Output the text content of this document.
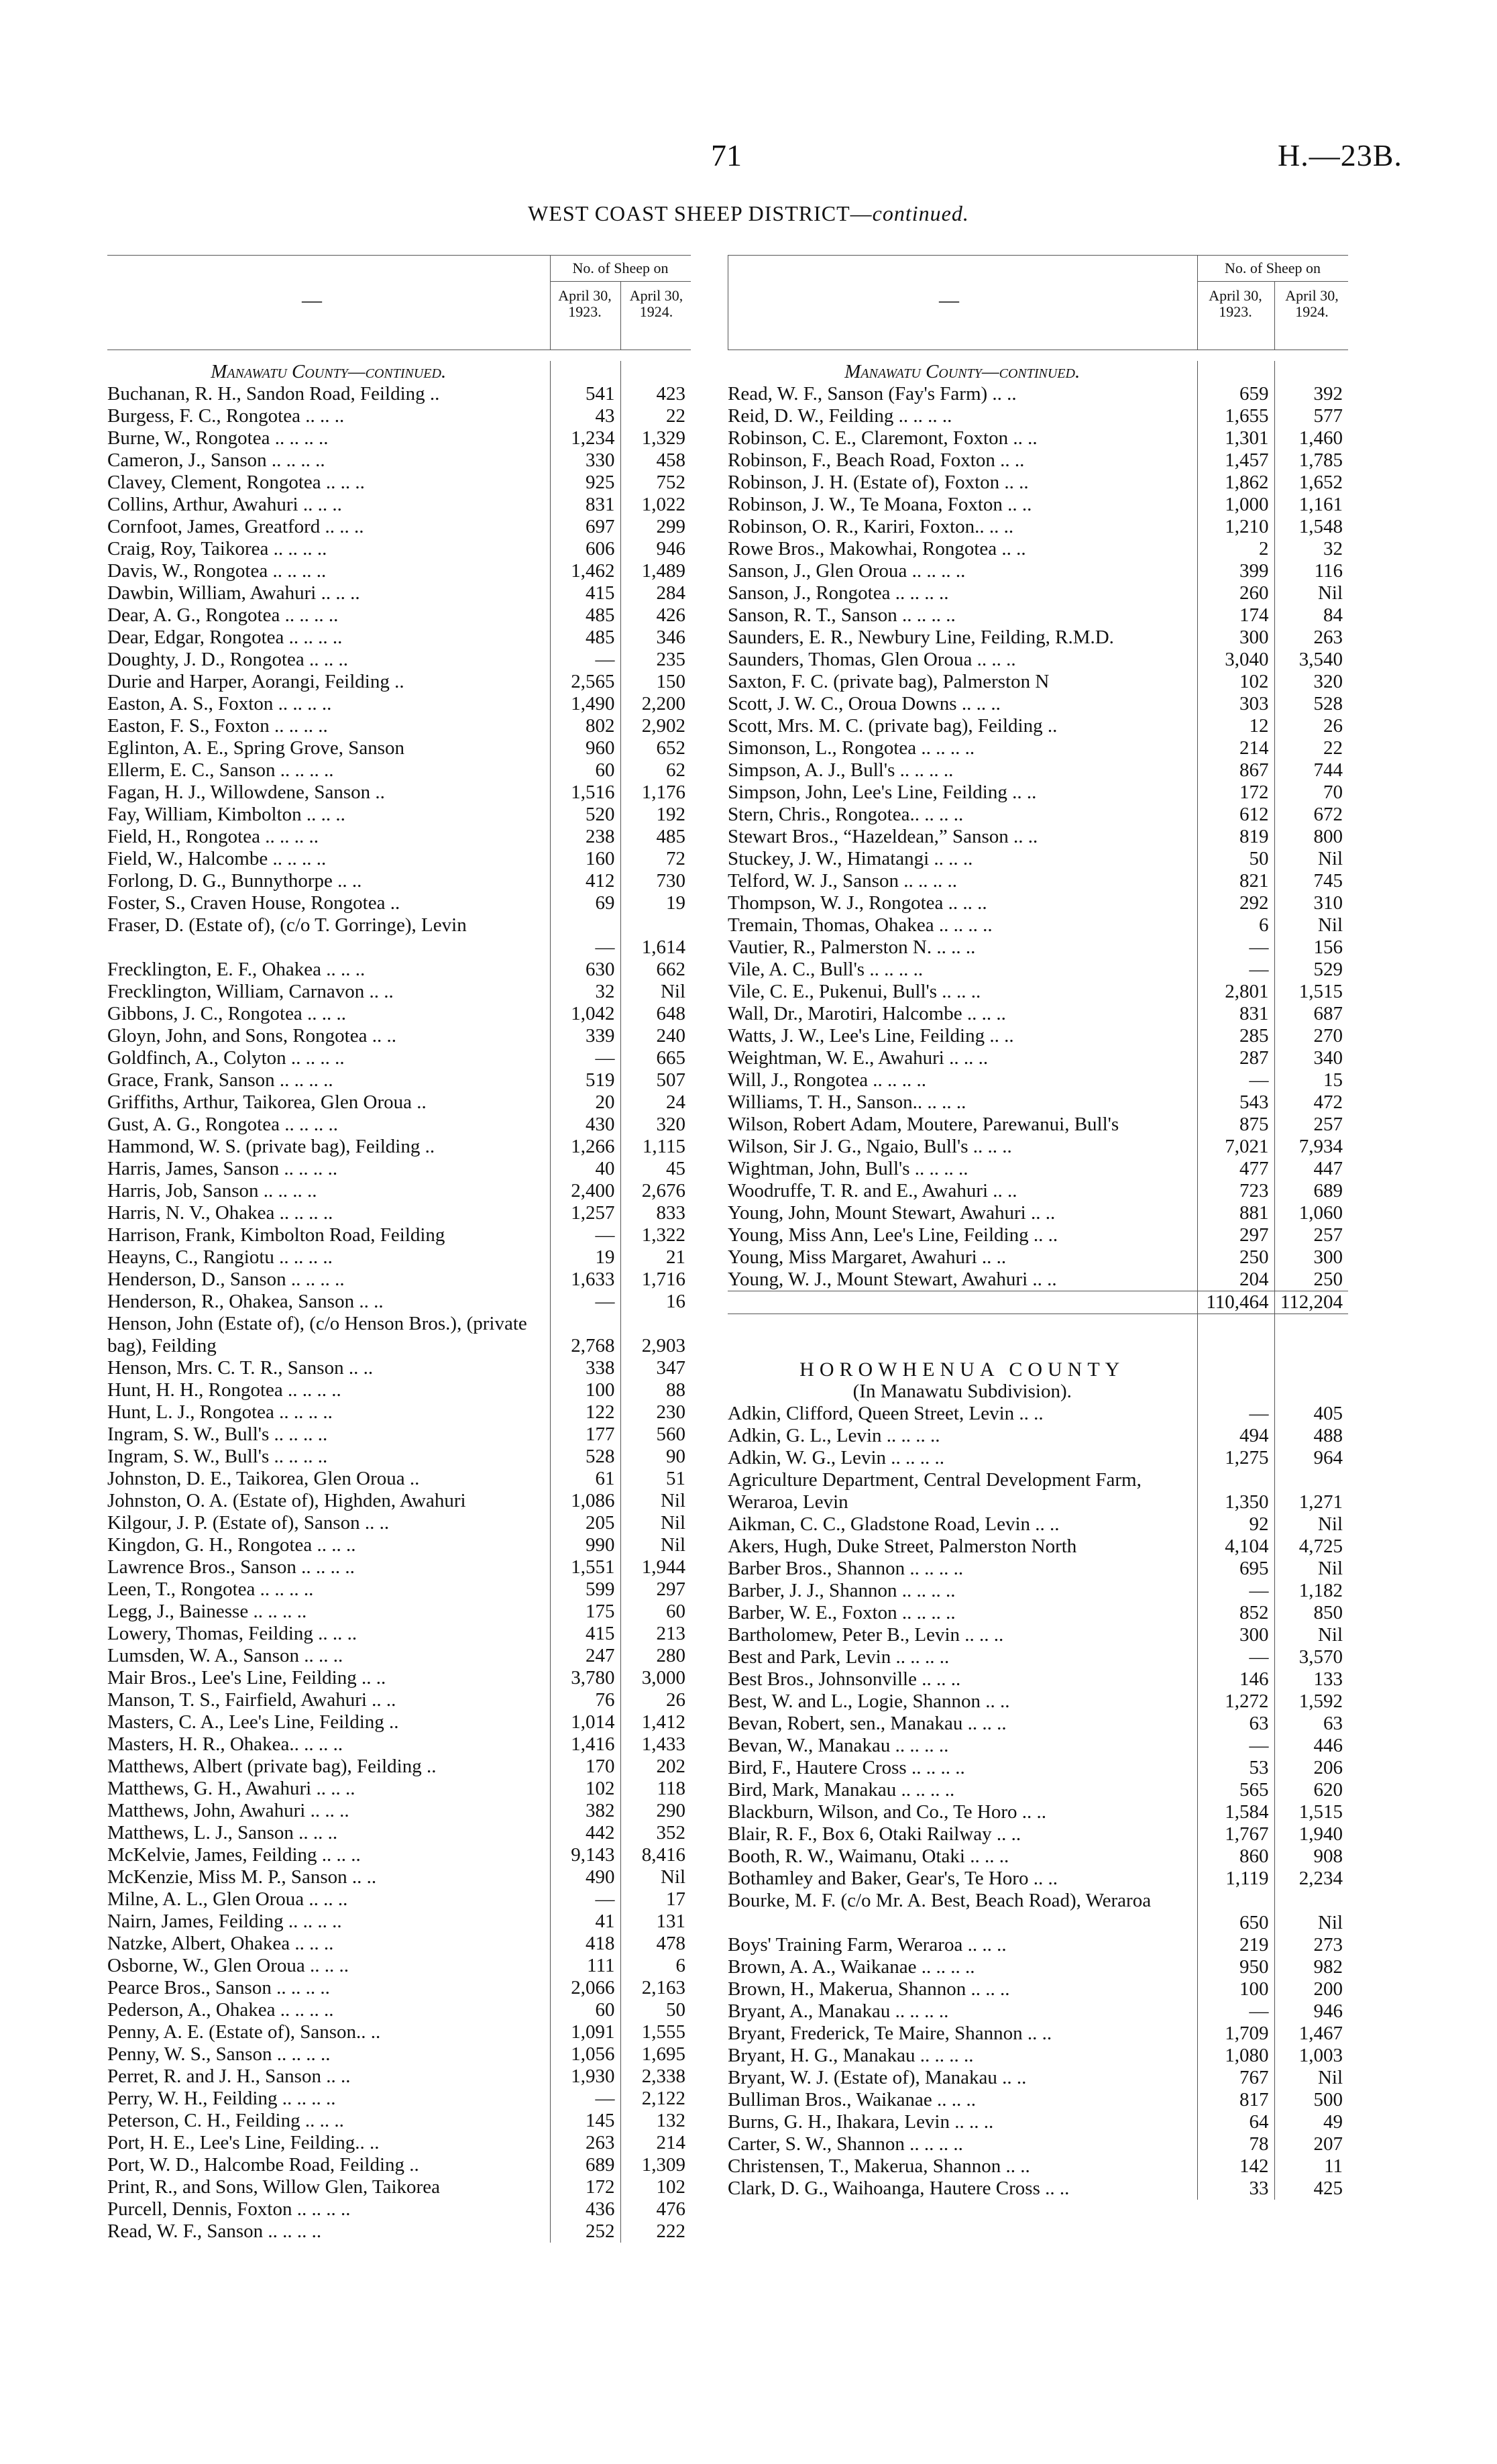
71	H.—23B.
WEST COAST SHEEP DISTRICT—continued.
—
No. of Sheep on
April 30, 1923.
April 30, 1924.
Manawatu County—continued.		
Buchanan, R. H., Sandon Road, Feilding ..	541	423
Burgess, F. C., Rongotea .. .. ..	43	22
Burne, W., Rongotea .. .. .. ..	1,234	1,329
Cameron, J., Sanson .. .. .. ..	330	458
Clavey, Clement, Rongotea .. .. ..	925	752
Collins, Arthur, Awahuri .. .. ..	831	1,022
Cornfoot, James, Greatford .. .. ..	697	299
Craig, Roy, Taikorea .. .. .. ..	606	946
Davis, W., Rongotea .. .. .. ..	1,462	1,489
Dawbin, William, Awahuri .. .. ..	415	284
Dear, A. G., Rongotea .. .. .. ..	485	426
Dear, Edgar, Rongotea .. .. .. ..	485	346
Doughty, J. D., Rongotea .. .. ..	—	235
Durie and Harper, Aorangi, Feilding ..	2,565	150
Easton, A. S., Foxton .. .. .. ..	1,490	2,200
Easton, F. S., Foxton .. .. .. ..	802	2,902
Eglinton, A. E., Spring Grove, Sanson	960	652
Ellerm, E. C., Sanson .. .. .. ..	60	62
Fagan, H. J., Willowdene, Sanson ..	1,516	1,176
Fay, William, Kimbolton .. .. ..	520	192
Field, H., Rongotea .. .. .. ..	238	485
Field, W., Halcombe .. .. .. ..	160	72
Forlong, D. G., Bunnythorpe .. ..	412	730
Foster, S., Craven House, Rongotea ..	69	19
Fraser, D. (Estate of), (c/o T. Gorringe), Levin	—	1,614
Frecklington, E. F., Ohakea .. .. ..	630	662
Frecklington, William, Carnavon .. ..	32	Nil
Gibbons, J. C., Rongotea .. .. ..	1,042	648
Gloyn, John, and Sons, Rongotea .. ..	339	240
Goldfinch, A., Colyton .. .. .. ..	—	665
Grace, Frank, Sanson .. .. .. ..	519	507
Griffiths, Arthur, Taikorea, Glen Oroua ..	20	24
Gust, A. G., Rongotea .. .. .. ..	430	320
Hammond, W. S. (private bag), Feilding ..	1,266	1,115
Harris, James, Sanson .. .. .. ..	40	45
Harris, Job, Sanson .. .. .. ..	2,400	2,676
Harris, N. V., Ohakea .. .. .. ..	1,257	833
Harrison, Frank, Kimbolton Road, Feilding	—	1,322
Heayns, C., Rangiotu .. .. .. ..	19	21
Henderson, D., Sanson .. .. .. ..	1,633	1,716
Henderson, R., Ohakea, Sanson .. ..	—	16
Henson, John (Estate of), (c/o Henson Bros.), (private bag), Feilding	2,768	2,903
Henson, Mrs. C. T. R., Sanson .. ..	338	347
Hunt, H. H., Rongotea .. .. .. ..	100	88
Hunt, L. J., Rongotea .. .. .. ..	122	230
Ingram, S. W., Bull's .. .. .. ..	177	560
Ingram, S. W., Bull's .. .. .. ..	528	90
Johnston, D. E., Taikorea, Glen Oroua ..	61	51
Johnston, O. A. (Estate of), Highden, Awahuri	1,086	Nil
Kilgour, J. P. (Estate of), Sanson .. ..	205	Nil
Kingdon, G. H., Rongotea .. .. ..	990	Nil
Lawrence Bros., Sanson .. .. .. ..	1,551	1,944
Leen, T., Rongotea .. .. .. ..	599	297
Legg, J., Bainesse .. .. .. ..	175	60
Lowery, Thomas, Feilding .. .. ..	415	213
Lumsden, W. A., Sanson .. .. ..	247	280
Mair Bros., Lee's Line, Feilding .. ..	3,780	3,000
Manson, T. S., Fairfield, Awahuri .. ..	76	26
Masters, C. A., Lee's Line, Feilding ..	1,014	1,412
Masters, H. R., Ohakea.. .. .. ..	1,416	1,433
Matthews, Albert (private bag), Feilding ..	170	202
Matthews, G. H., Awahuri .. .. ..	102	118
Matthews, John, Awahuri .. .. ..	382	290
Matthews, L. J., Sanson .. .. ..	442	352
McKelvie, James, Feilding .. .. ..	9,143	8,416
McKenzie, Miss M. P., Sanson .. ..	490	Nil
Milne, A. L., Glen Oroua .. .. ..	—	17
Nairn, James, Feilding .. .. .. ..	41	131
Natzke, Albert, Ohakea .. .. ..	418	478
Osborne, W., Glen Oroua .. .. ..	111	6
Pearce Bros., Sanson .. .. .. ..	2,066	2,163
Pederson, A., Ohakea .. .. .. ..	60	50
Penny, A. E. (Estate of), Sanson.. ..	1,091	1,555
Penny, W. S., Sanson .. .. .. ..	1,056	1,695
Perret, R. and J. H., Sanson .. ..	1,930	2,338
Perry, W. H., Feilding .. .. .. ..	—	2,122
Peterson, C. H., Feilding .. .. ..	145	132
Port, H. E., Lee's Line, Feilding.. ..	263	214
Port, W. D., Halcombe Road, Feilding ..	689	1,309
Print, R., and Sons, Willow Glen, Taikorea	172	102
Purcell, Dennis, Foxton .. .. .. ..	436	476
Read, W. F., Sanson .. .. .. ..	252	222
—
No. of Sheep on
April 30, 1923.
April 30, 1924.
Manawatu County—continued.		
Read, W. F., Sanson (Fay's Farm) .. ..	659	392
Reid, D. W., Feilding .. .. .. ..	1,655	577
Robinson, C. E., Claremont, Foxton .. ..	1,301	1,460
Robinson, F., Beach Road, Foxton .. ..	1,457	1,785
Robinson, J. H. (Estate of), Foxton .. ..	1,862	1,652
Robinson, J. W., Te Moana, Foxton .. ..	1,000	1,161
Robinson, O. R., Kariri, Foxton.. .. ..	1,210	1,548
Rowe Bros., Makowhai, Rongotea .. ..	2	32
Sanson, J., Glen Oroua .. .. .. ..	399	116
Sanson, J., Rongotea .. .. .. ..	260	Nil
Sanson, R. T., Sanson .. .. .. ..	174	84
Saunders, E. R., Newbury Line, Feilding, R.M.D.	300	263
Saunders, Thomas, Glen Oroua .. .. ..	3,040	3,540
Saxton, F. C. (private bag), Palmerston N	102	320
Scott, J. W. C., Oroua Downs .. .. ..	303	528
Scott, Mrs. M. C. (private bag), Feilding ..	12	26
Simonson, L., Rongotea .. .. .. ..	214	22
Simpson, A. J., Bull's .. .. .. ..	867	744
Simpson, John, Lee's Line, Feilding .. ..	172	70
Stern, Chris., Rongotea.. .. .. ..	612	672
Stewart Bros., “Hazeldean,” Sanson .. ..	819	800
Stuckey, J. W., Himatangi .. .. ..	50	Nil
Telford, W. J., Sanson .. .. .. ..	821	745
Thompson, W. J., Rongotea .. .. ..	292	310
Tremain, Thomas, Ohakea .. .. .. ..	6	Nil
Vautier, R., Palmerston N. .. .. ..	—	156
Vile, A. C., Bull's .. .. .. ..	—	529
Vile, C. E., Pukenui, Bull's .. .. ..	2,801	1,515
Wall, Dr., Marotiri, Halcombe .. .. ..	831	687
Watts, J. W., Lee's Line, Feilding .. ..	285	270
Weightman, W. E., Awahuri .. .. ..	287	340
Will, J., Rongotea .. .. .. ..	—	15
Williams, T. H., Sanson.. .. .. ..	543	472
Wilson, Robert Adam, Moutere, Parewanui, Bull's	875	257
Wilson, Sir J. G., Ngaio, Bull's .. .. ..	7,021	7,934
Wightman, John, Bull's .. .. .. ..	477	447
Woodruffe, T. R. and E., Awahuri .. ..	723	689
Young, John, Mount Stewart, Awahuri .. ..	881	1,060
Young, Miss Ann, Lee's Line, Feilding .. ..	297	257
Young, Miss Margaret, Awahuri .. ..	250	300
Young, W. J., Mount Stewart, Awahuri .. ..	204	250
	110,464	112,204

HOROWHENUA COUNTY		
(In Manawatu Subdivision).		
Adkin, Clifford, Queen Street, Levin .. ..	—	405
Adkin, G. L., Levin .. .. .. ..	494	488
Adkin, W. G., Levin .. .. .. ..	1,275	964
Agriculture Department, Central Development Farm, Weraroa, Levin	1,350	1,271
Aikman, C. C., Gladstone Road, Levin .. ..	92	Nil
Akers, Hugh, Duke Street, Palmerston North	4,104	4,725
Barber Bros., Shannon .. .. .. ..	695	Nil
Barber, J. J., Shannon .. .. .. ..	—	1,182
Barber, W. E., Foxton .. .. .. ..	852	850
Bartholomew, Peter B., Levin .. .. ..	300	Nil
Best and Park, Levin .. .. .. ..	—	3,570
Best Bros., Johnsonville .. .. ..	146	133
Best, W. and L., Logie, Shannon .. ..	1,272	1,592
Bevan, Robert, sen., Manakau .. .. ..	63	63
Bevan, W., Manakau .. .. .. ..	—	446
Bird, F., Hautere Cross .. .. .. ..	53	206
Bird, Mark, Manakau .. .. .. ..	565	620
Blackburn, Wilson, and Co., Te Horo .. ..	1,584	1,515
Blair, R. F., Box 6, Otaki Railway .. ..	1,767	1,940
Booth, R. W., Waimanu, Otaki .. .. ..	860	908
Bothamley and Baker, Gear's, Te Horo .. ..	1,119	2,234
Bourke, M. F. (c/o Mr. A. Best, Beach Road), Weraroa	650	Nil
Boys' Training Farm, Weraroa .. .. ..	219	273
Brown, A. A., Waikanae .. .. .. ..	950	982
Brown, H., Makerua, Shannon .. .. ..	100	200
Bryant, A., Manakau .. .. .. ..	—	946
Bryant, Frederick, Te Maire, Shannon .. ..	1,709	1,467
Bryant, H. G., Manakau .. .. .. ..	1,080	1,003
Bryant, W. J. (Estate of), Manakau .. ..	767	Nil
Bulliman Bros., Waikanae .. .. ..	817	500
Burns, G. H., Ihakara, Levin .. .. ..	64	49
Carter, S. W., Shannon .. .. .. ..	78	207
Christensen, T., Makerua, Shannon .. ..	142	11
Clark, D. G., Waihoanga, Hautere Cross .. ..	33	425
